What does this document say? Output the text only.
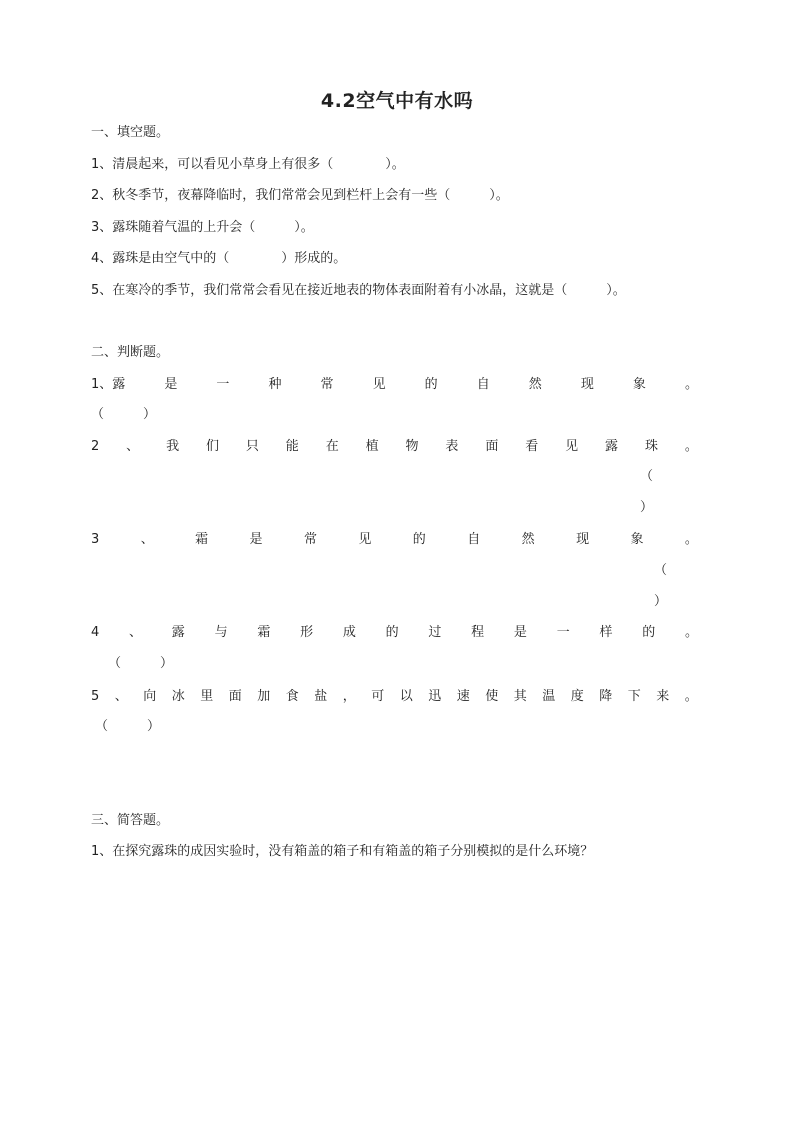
4.2空气中有水吗
一、填空题。
1、清晨起来，可以看见小草身上有很多（　　　　）。
2、秋冬季节，夜幕降临时，我们常常会见到栏杆上会有一些（　　　）。
3、露珠随着气温的上升会（　　　）。
4、露珠是由空气中的（　　　　）形成的。
5、在寒冷的季节，我们常常会看见在接近地表的物体表面附着有小冰晶，这就是（　　　）。
二、判断题。
1、露	是	一	种	常	见	的	自	然	现	象	。
（　　　）
2 、 我 们 只 能 在 植 物 表 面 看 见 露 珠 。
（
）
3	、	霜	是	常	见	的	自	然	现	象	。
（
）
4 、 露 与 霜 形 成 的 过 程 是 一 样 的 。
（　　　）
5 、 向 冰 里 面 加 食 盐 ， 可 以 迅 速 使 其 温 度 降 下 来 。
（　　　）
三、简答题。
1、在探究露珠的成因实验时，没有箱盖的箱子和有箱盖的箱子分别模拟的是什么环境？
